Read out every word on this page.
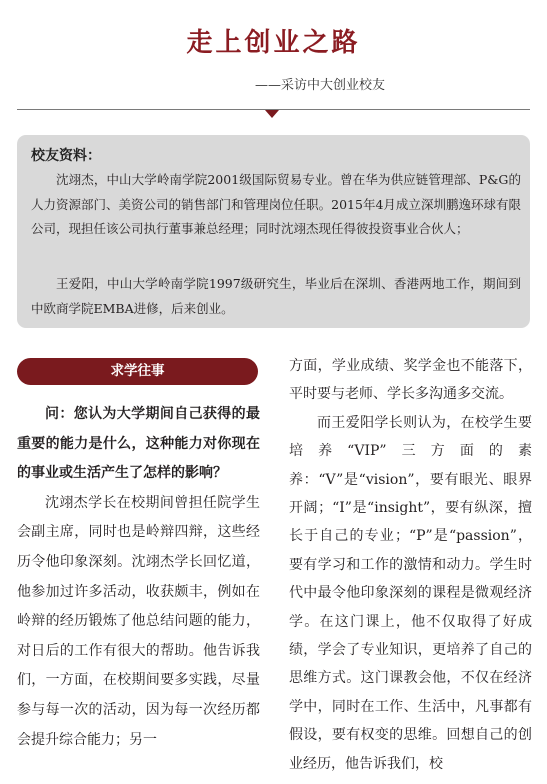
走上创业之路
——采访中大创业校友
校友资料：

沈翊杰，中山大学岭南学院2001级国际贸易专业。曾在华为供应链管理部、P&G的人力资源部门、美资公司的销售部门和管理岗位任职。2015年4月成立深圳鹏逸环球有限公司，现担任该公司执行董事兼总经理；同时沈翊杰现任得彼投资事业合伙人；

王爱阳，中山大学岭南学院1997级研究生，毕业后在深圳、香港两地工作，期间到中欧商学院EMBA进修，后来创业。

求学往事

问：您认为大学期间自己获得的最重要的能力是什么，这种能力对你现在的事业或生活产生了怎样的影响？

沈翊杰学长在校期间曾担任院学生会副主席，同时也是岭辩四辩，这些经历令他印象深刻。沈翊杰学长回忆道，他参加过许多活动，收获颇丰，例如在岭辩的经历锻炼了他总结问题的能力，对日后的工作有很大的帮助。他告诉我们，一方面，在校期间要多实践，尽量参与每一次的活动，因为每一次经历都会提升综合能力；另一

方面，学业成绩、奖学金也不能落下，平时要与老师、学长多沟通多交流。

而王爱阳学长则认为，在校学生要培养“VIP”三方面的素养：“V”是“vision”，要有眼光、眼界开阔；“I”是“insight”，要有纵深，擅长于自己的专业；“P”是“passion”，要有学习和工作的激情和动力。学生时代中最令他印象深刻的课程是微观经济学。在这门课上，他不仅取得了好成绩，学会了专业知识，更培养了自己的思维方式。这门课教会他，不仅在经济学中，同时在工作、生活中，凡事都有假设，要有权变的思维。回想自己的创业经历，他告诉我们，校
